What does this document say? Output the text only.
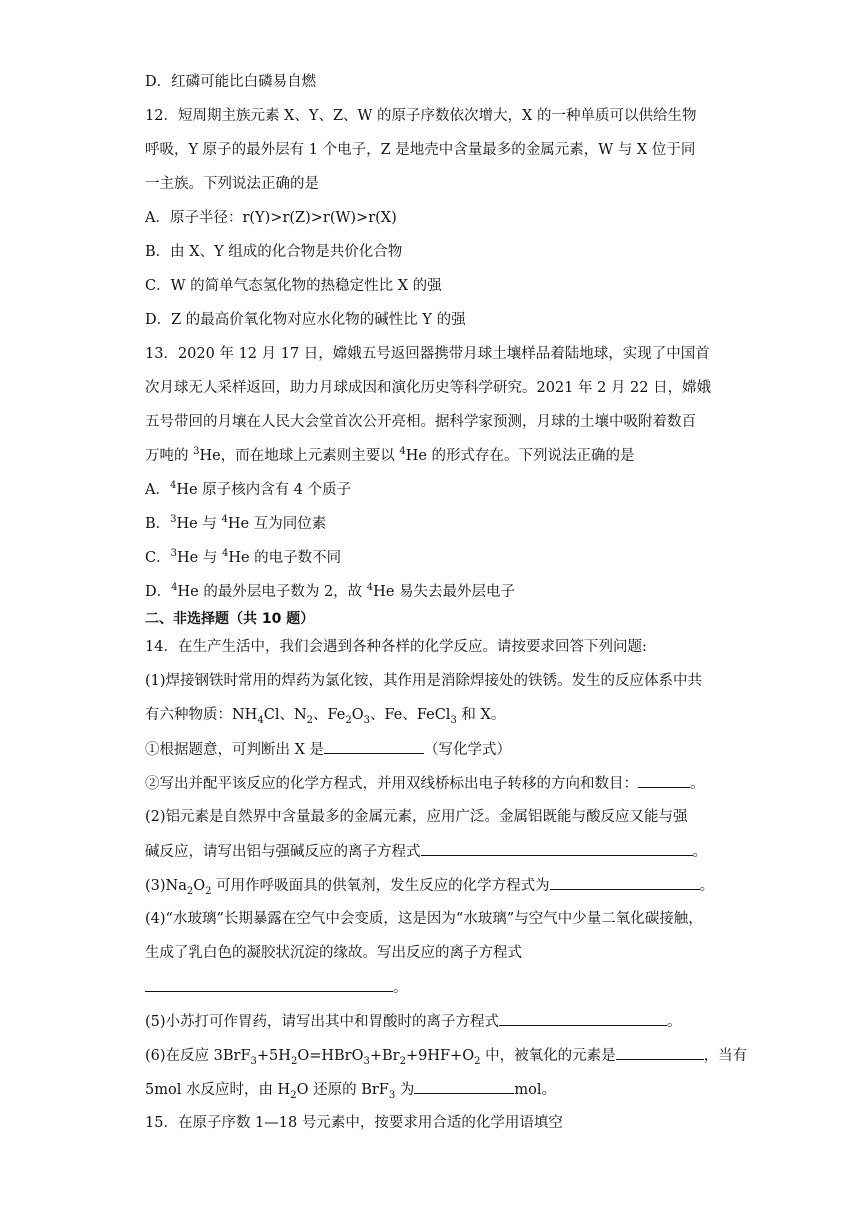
D．红磷可能比白磷易自燃
12．短周期主族元素 X、Y、Z、W 的原子序数依次增大，X 的一种单质可以供给生物
呼吸，Y 原子的最外层有 1 个电子，Z 是地壳中含量最多的金属元素，W 与 X 位于同
一主族。下列说法正确的是
A．原子半径：r(Y)>r(Z)>r(W)>r(X)
B．由 X、Y 组成的化合物是共价化合物
C．W 的简单气态氢化物的热稳定性比 X 的强
D．Z 的最高价氧化物对应水化物的碱性比 Y 的强
13．2020 年 12 月 17 日，嫦娥五号返回器携带月球土壤样品着陆地球，实现了中国首
次月球无人采样返回，助力月球成因和演化历史等科学研究。2021 年 2 月 22 日，嫦娥
五号带回的月壤在人民大会堂首次公开亮相。据科学家预测，月球的土壤中吸附着数百
万吨的 $^3$He，而在地球上元素则主要以 $^4$He 的形式存在。下列说法正确的是
A．$^4$He 原子核内含有 4 个质子
B．$^3$He 与 $^4$He 互为同位素
C．$^3$He 与 $^4$He 的电子数不同
D．$^4$He 的最外层电子数为 2，故 $^4$He 易失去最外层电子
二、非选择题（共 10 题）
14．在生产生活中，我们会遇到各种各样的化学反应。请按要求回答下列问题:
(1)焊接钢铁时常用的焊药为氯化铵，其作用是消除焊接处的铁锈。发生的反应体系中共
有六种物质：$NH_4Cl$、$N_2$、$Fe_2O_3$、Fe、FeCl$_3$ 和 X。
①根据题意，可判断出 X 是	（写化学式）
②写出并配平该反应的化学方程式，并用双线桥标出电子转移的方向和数目：	。
(2)铝元素是自然界中含量最多的金属元素，应用广泛。金属铝既能与酸反应又能与强
碱反应，请写出铝与强碱反应的离子方程式	。
$(3)Na_2O_2$ 可用作呼吸面具的供氧剂，发生反应的化学方程式为	。
(4)“水玻璃”长期暴露在空气中会变质，这是因为“水玻璃”与空气中少量二氧化碳接触，
生成了乳白色的凝胶状沉淀的缘故。写出反应的离子方程式
。
(5)小苏打可作胃药，请写出其中和胃酸时的离子方程式	。
(6)在反应 $3BrF_3+5H_2O=HBrO_3+Br_2+9HF+O_2$ 中，被氧化的元素是	，当有
5mol 水反应时，由 $H_2O$ 还原的 BrF$_3$ 为	mol。
15．在原子序数 1—18 号元素中，按要求用合适的化学用语填空
